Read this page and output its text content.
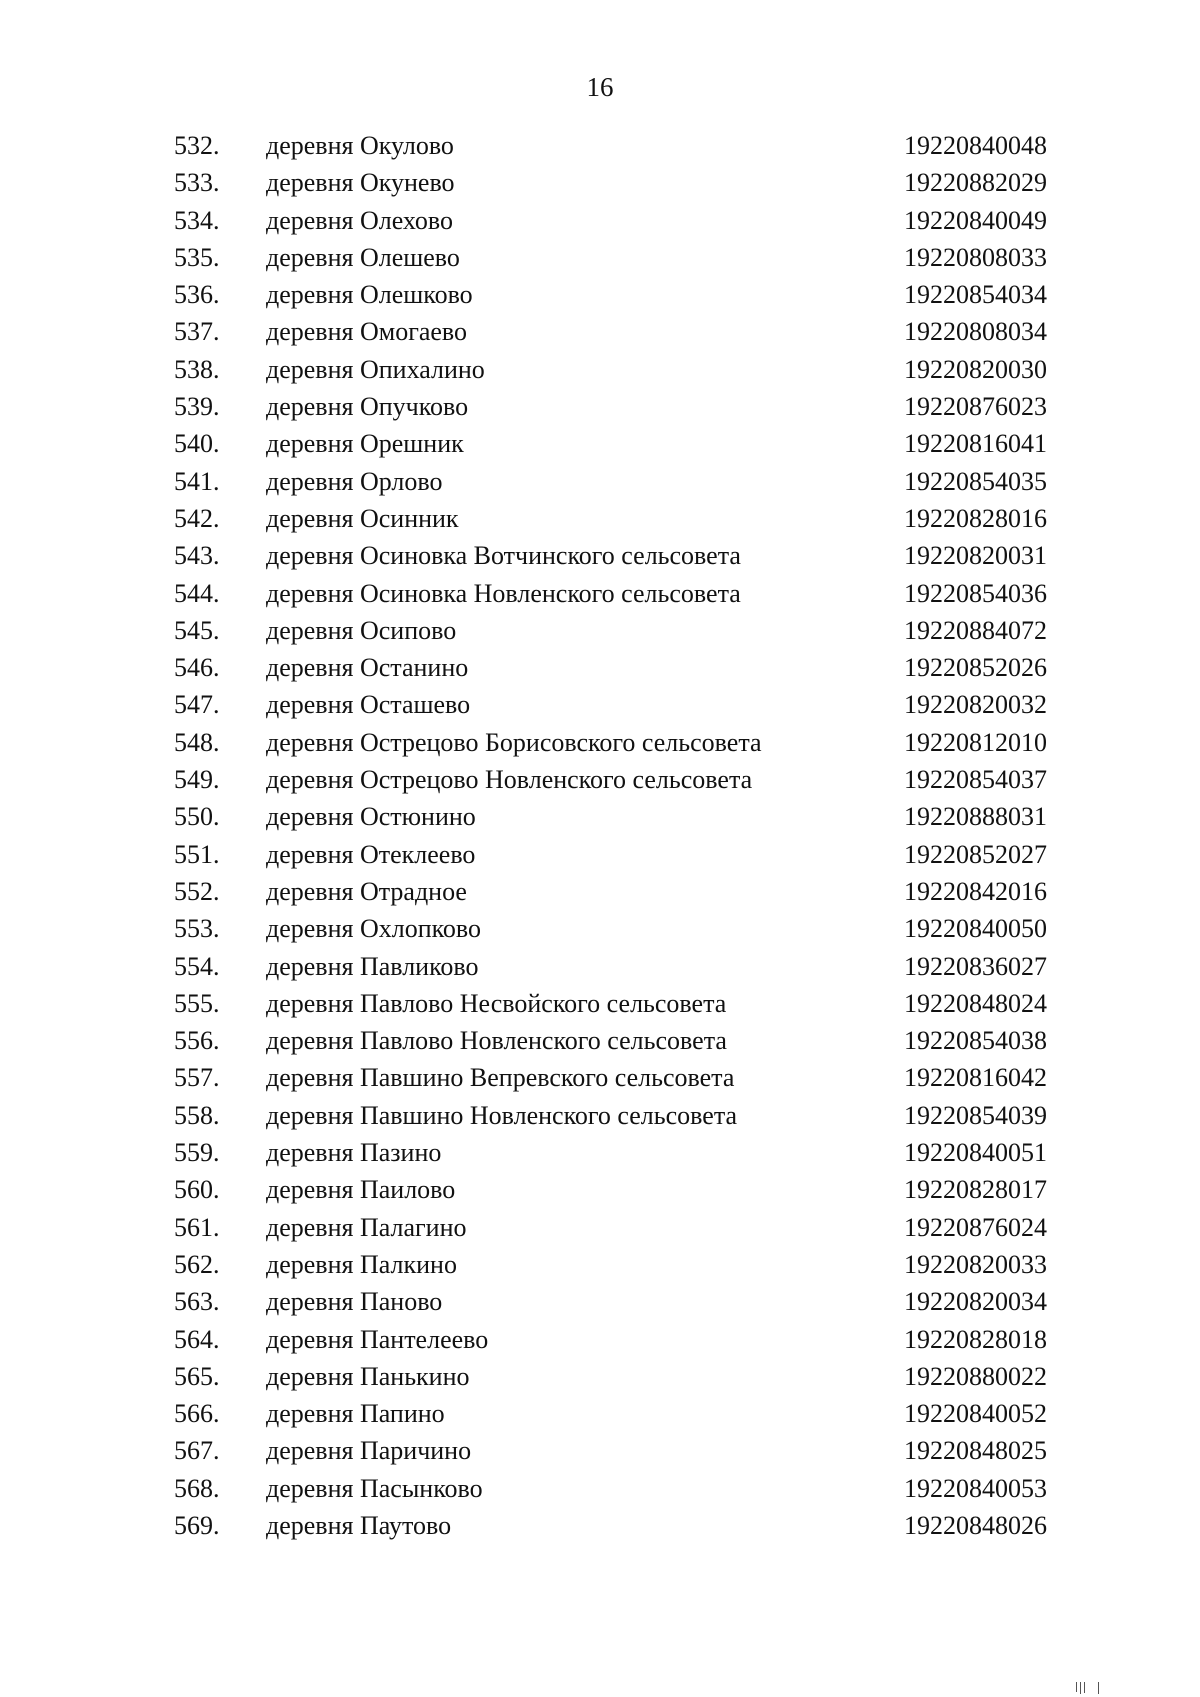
16
532. деревня Окулово	19220840048
533. деревня Окунево	19220882029
534. деревня Олехово	19220840049
535. деревня Олешево	19220808033
536. деревня Олешково	19220854034
537. деревня Омогаево	19220808034
538. деревня Опихалино	19220820030
539. деревня Опучково	19220876023
540. деревня Орешник	19220816041
541. деревня Орлово	19220854035
542. деревня Осинник	19220828016
543. деревня Осиновка Вотчинского сельсовета	19220820031
544. деревня Осиновка Новленского сельсовета	19220854036
545. деревня Осипово	19220884072
546. деревня Останино	19220852026
547. деревня Осташево	19220820032
548. деревня Острецово Борисовского сельсовета	19220812010
549. деревня Острецово Новленского сельсовета	19220854037
550. деревня Остюнино	19220888031
551. деревня Отеклеево	19220852027
552. деревня Отрадное	19220842016
553. деревня Охлопково	19220840050
554. деревня Павликово	19220836027
555. деревня Павлово Несвойского сельсовета	19220848024
556. деревня Павлово Новленского сельсовета	19220854038
557. деревня Павшино Вепревского сельсовета	19220816042
558. деревня Павшино Новленского сельсовета	19220854039
559. деревня Пазино	19220840051
560. деревня Паилово	19220828017
561. деревня Палагино	19220876024
562. деревня Палкино	19220820033
563. деревня Паново	19220820034
564. деревня Пантелеево	19220828018
565. деревня Панькино	19220880022
566. деревня Папино	19220840052
567. деревня Паричино	19220848025
568. деревня Пасынково	19220840053
569. деревня Паутово	19220848026
